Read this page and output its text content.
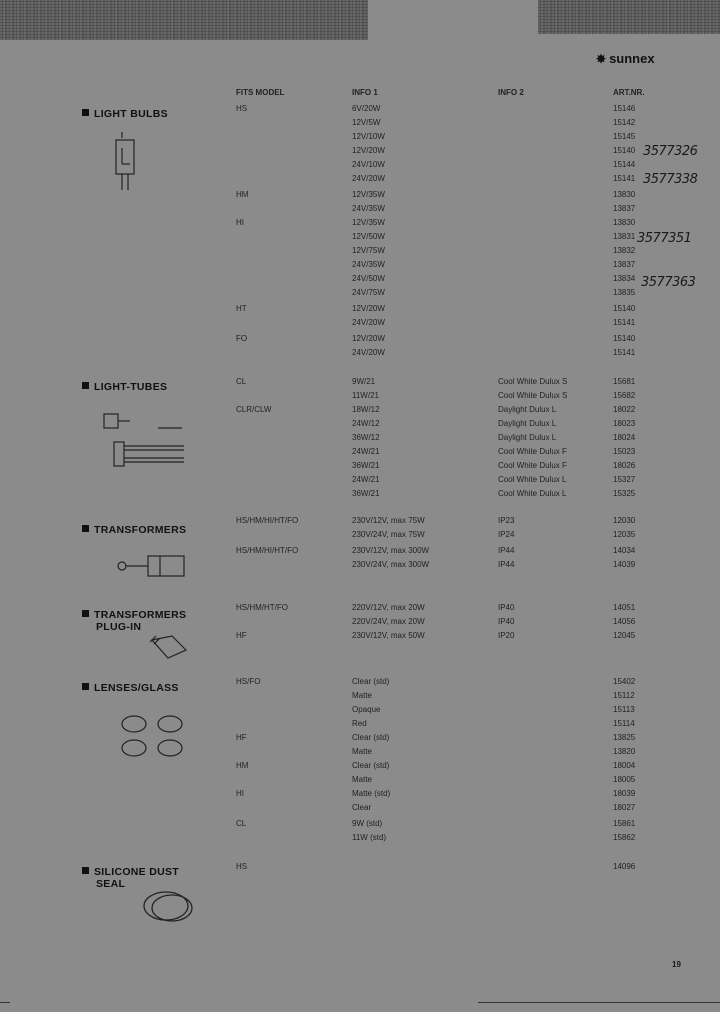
✸ sunnex
FITS MODEL	INFO 1	INFO 2	ART.NR.
LIGHT BULBS
LIGHT-TUBES
TRANSFORMERS
TRANSFORMERS
PLUG-IN
LENSES/GLASS
SILICONE DUST
SEAL
HS	6V/20W	15146
12V/5W	15142
12V/10W	15145
12V/20W	15140
24V/10W	15144
24V/20W	15141
HM	12V/35W	13830
24V/35W	13837
HI	12V/35W	13830
12V/50W	13831
12V/75W	13832
24V/35W	13837
24V/50W	13834
24V/75W	13835
HT	12V/20W	15140
24V/20W	15141
FO	12V/20W	15140
24V/20W	15141
CL	9W/21	Cool White Dulux S	15681
11W/21	Cool White Dulux S	15682
CLR/CLW	18W/12	Daylight Dulux L	18022
24W/12	Daylight Dulux L	18023
36W/12	Daylight Dulux L	18024
24W/21	Cool White Dulux F	15023
36W/21	Cool White Dulux F	18026
24W/21	Cool White Dulux L	15327
36W/21	Cool White Dulux L	15325
HS/HM/HI/HT/FO	230V/12V, max 75W	IP23	12030
230V/24V, max 75W	IP24	12035
HS/HM/HI/HT/FO	230V/12V, max 300W	IP44	14034
230V/24V, max 300W	IP44	14039
HS/HM/HT/FO	220V/12V, max 20W	IP40	14051
220V/24V, max 20W	IP40	14056
HF	230V/12V, max 50W	IP20	12045
HS/FO	Clear (std)	15402
Matte	15112
Opaque	15113
Red	15114
HF	Clear (std)	13825
Matte	13820
HM	Clear (std)	18004
Matte	18005
HI	Matte (std)	18039
Clear	18027
CL	9W (std)	15861
11W (std)	15862
HS	14096
3577326
3577338
3577351
3577363
19
